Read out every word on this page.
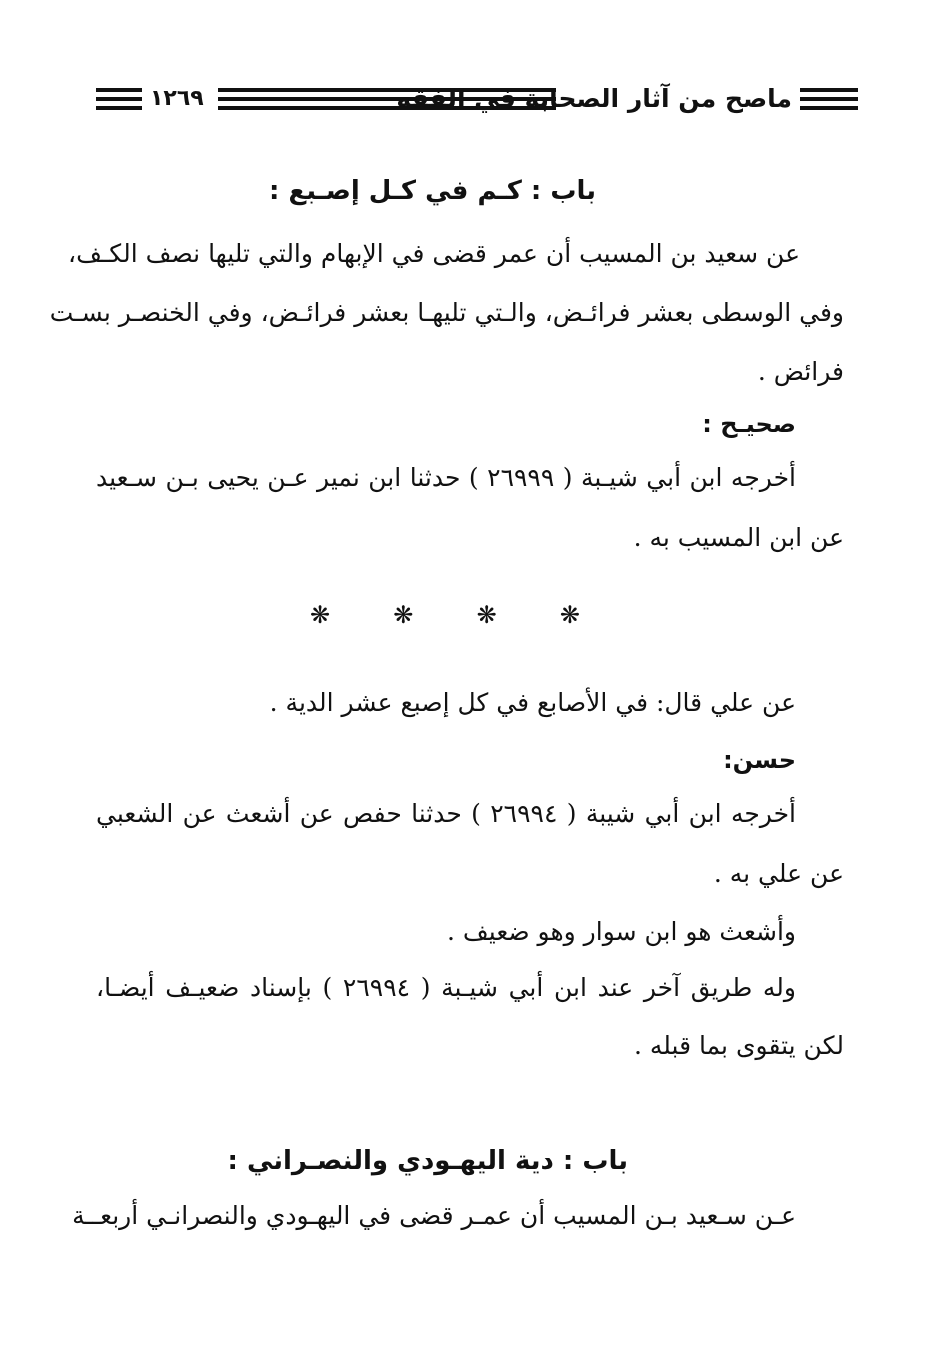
١٢٦٩	ماصح من آثار الصحابة في الفقه
باب : كـم في كـل إصـبع :
عن سعيد بن المسيب أن عمر قضى في الإبهام والتي تليها نصف الكـف،
وفي الوسطى بعشر فرائـض، والـتي تليهـا بعشر فرائـض، وفي الخنصـر بسـت
فرائض .
صحيـح :
أخرجه ابن أبي شيـبة ( ٢٦٩٩٩ ) حدثنا ابن نمير عـن يحيى بـن سـعيد
عن ابن المسيب به .
❋	❋	❋	❋
عن علي قال: في الأصابع في كل إصبع عشر الدية .
حسن:
أخرجه ابن أبي شيبة ( ٢٦٩٩٤ ) حدثنا حفص عن أشعث عن الشعبي
عن علي به .
وأشعث هو ابن سوار وهو ضعيف .
وله طريق آخر عند ابن أبي شيـبة ( ٢٦٩٩٤ ) بإسناد ضعيـف أيضـا،
لكن يتقوى بما قبله .
باب : دية اليهـودي والنصـراني :
عـن سـعيد بـن المسيب أن عمـر قضى في اليهـودي والنصرانـي أربعــة
